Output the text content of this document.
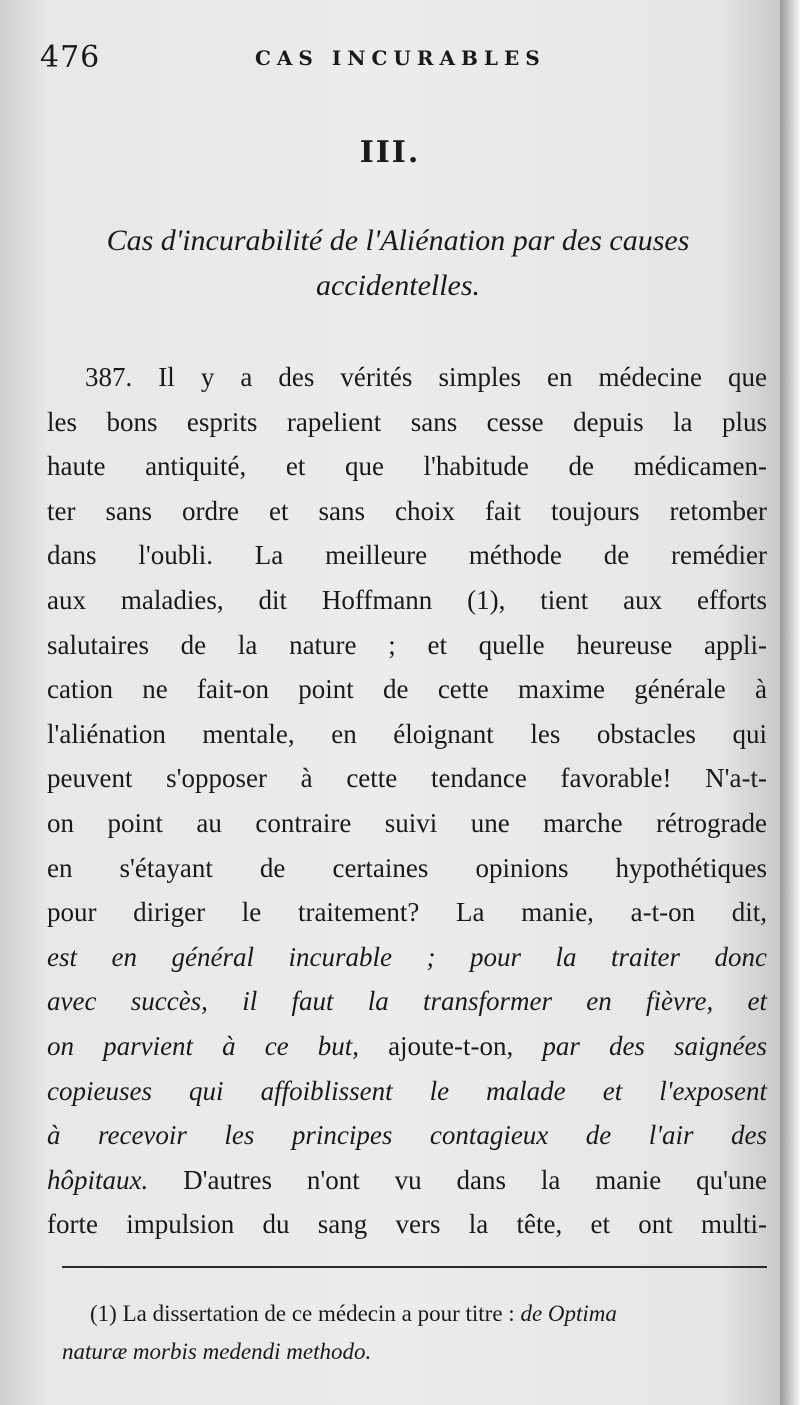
476	CAS INCURABLES
III.
Cas d'incurabilité de l'Aliénation par des causes
accidentelles.
387. Il y a des vérités simples en médecine que
les bons esprits rapelient sans cesse depuis la plus
haute antiquité, et que l'habitude de médicamen-
ter sans ordre et sans choix fait toujours retomber
dans l'oubli. La meilleure méthode de remédier
aux maladies, dit Hoffmann (1), tient aux efforts
salutaires de la nature ; et quelle heureuse appli-
cation ne fait-on point de cette maxime générale à
l'aliénation mentale, en éloignant les obstacles qui
peuvent s'opposer à cette tendance favorable! N'a-t-
on point au contraire suivi une marche rétrograde
en s'étayant de certaines opinions hypothétiques
pour diriger le traitement? La manie, a-t-on dit,
est en général incurable ; pour la traiter donc
avec succès, il faut la transformer en fièvre, et
on parvient à ce but, ajoute-t-on, par des saignées
copieuses qui affoiblissent le malade et l'exposent
à recevoir les principes contagieux de l'air des
hôpitaux. D'autres n'ont vu dans la manie qu'une
forte impulsion du sang vers la tête, et ont multi-
(1) La dissertation de ce médecin a pour titre : de Optima
naturæ morbis medendi methodo.
